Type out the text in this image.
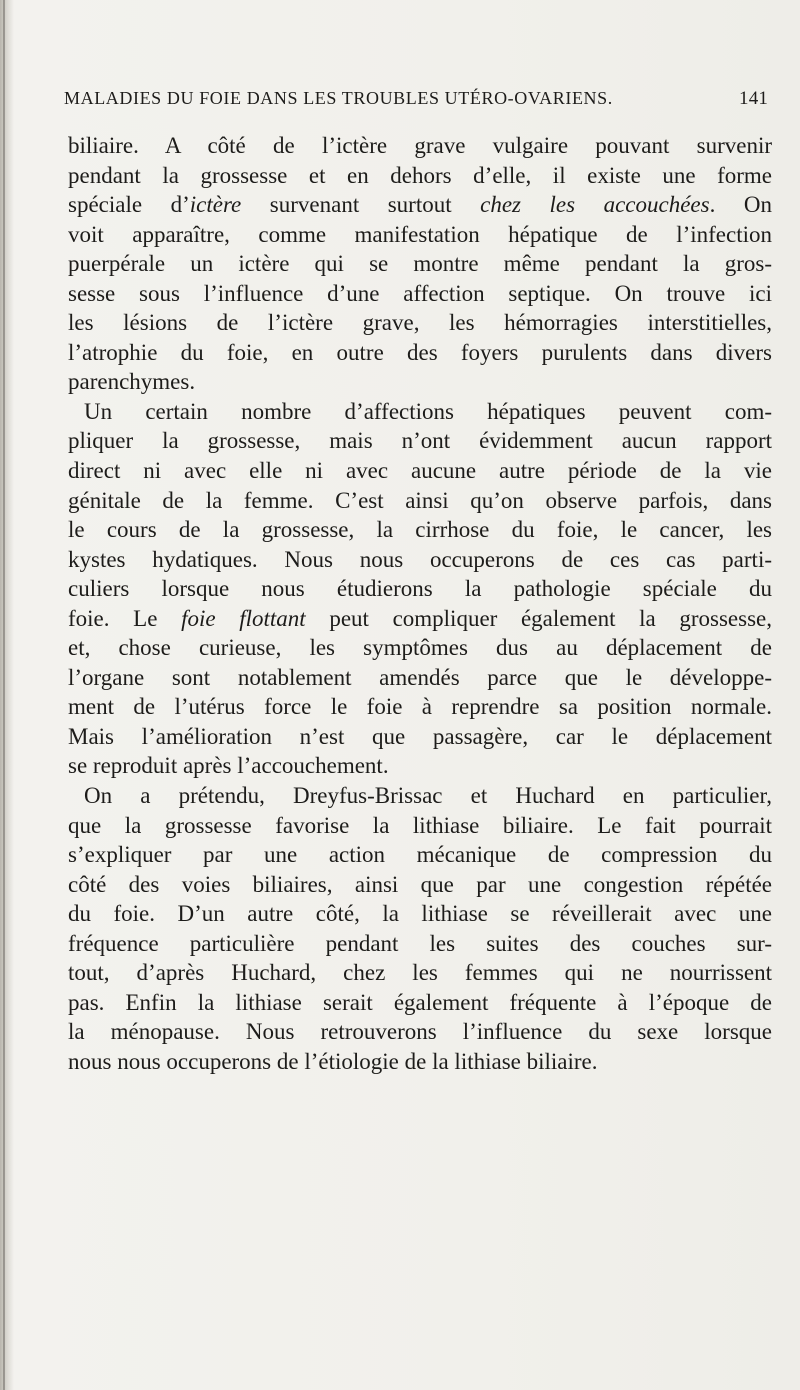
MALADIES DU FOIE DANS LES TROUBLES UTÉRO-OVARIENS.	141
biliaire. A côté de l’ictère grave vulgaire pouvant survenir
pendant la grossesse et en dehors d’elle, il existe une forme
spéciale d’ictère survenant surtout chez les accouchées. On
voit apparaître, comme manifestation hépatique de l’infection
puerpérale un ictère qui se montre même pendant la gros-
sesse sous l’influence d’une affection septique. On trouve ici
les lésions de l’ictère grave, les hémorragies interstitielles,
l’atrophie du foie, en outre des foyers purulents dans divers
parenchymes.
Un certain nombre d’affections hépatiques peuvent com-
pliquer la grossesse, mais n’ont évidemment aucun rapport
direct ni avec elle ni avec aucune autre période de la vie
génitale de la femme. C’est ainsi qu’on observe parfois, dans
le cours de la grossesse, la cirrhose du foie, le cancer, les
kystes hydatiques. Nous nous occuperons de ces cas parti-
culiers lorsque nous étudierons la pathologie spéciale du
foie. Le foie flottant peut compliquer également la grossesse,
et, chose curieuse, les symptômes dus au déplacement de
l’organe sont notablement amendés parce que le développe-
ment de l’utérus force le foie à reprendre sa position normale.
Mais l’amélioration n’est que passagère, car le déplacement
se reproduit après l’accouchement.
On a prétendu, Dreyfus-Brissac et Huchard en particulier,
que la grossesse favorise la lithiase biliaire. Le fait pourrait
s’expliquer par une action mécanique de compression du
côté des voies biliaires, ainsi que par une congestion répétée
du foie. D’un autre côté, la lithiase se réveillerait avec une
fréquence particulière pendant les suites des couches sur-
tout, d’après Huchard, chez les femmes qui ne nourrissent
pas. Enfin la lithiase serait également fréquente à l’époque de
la ménopause. Nous retrouverons l’influence du sexe lorsque
nous nous occuperons de l’étiologie de la lithiase biliaire.
